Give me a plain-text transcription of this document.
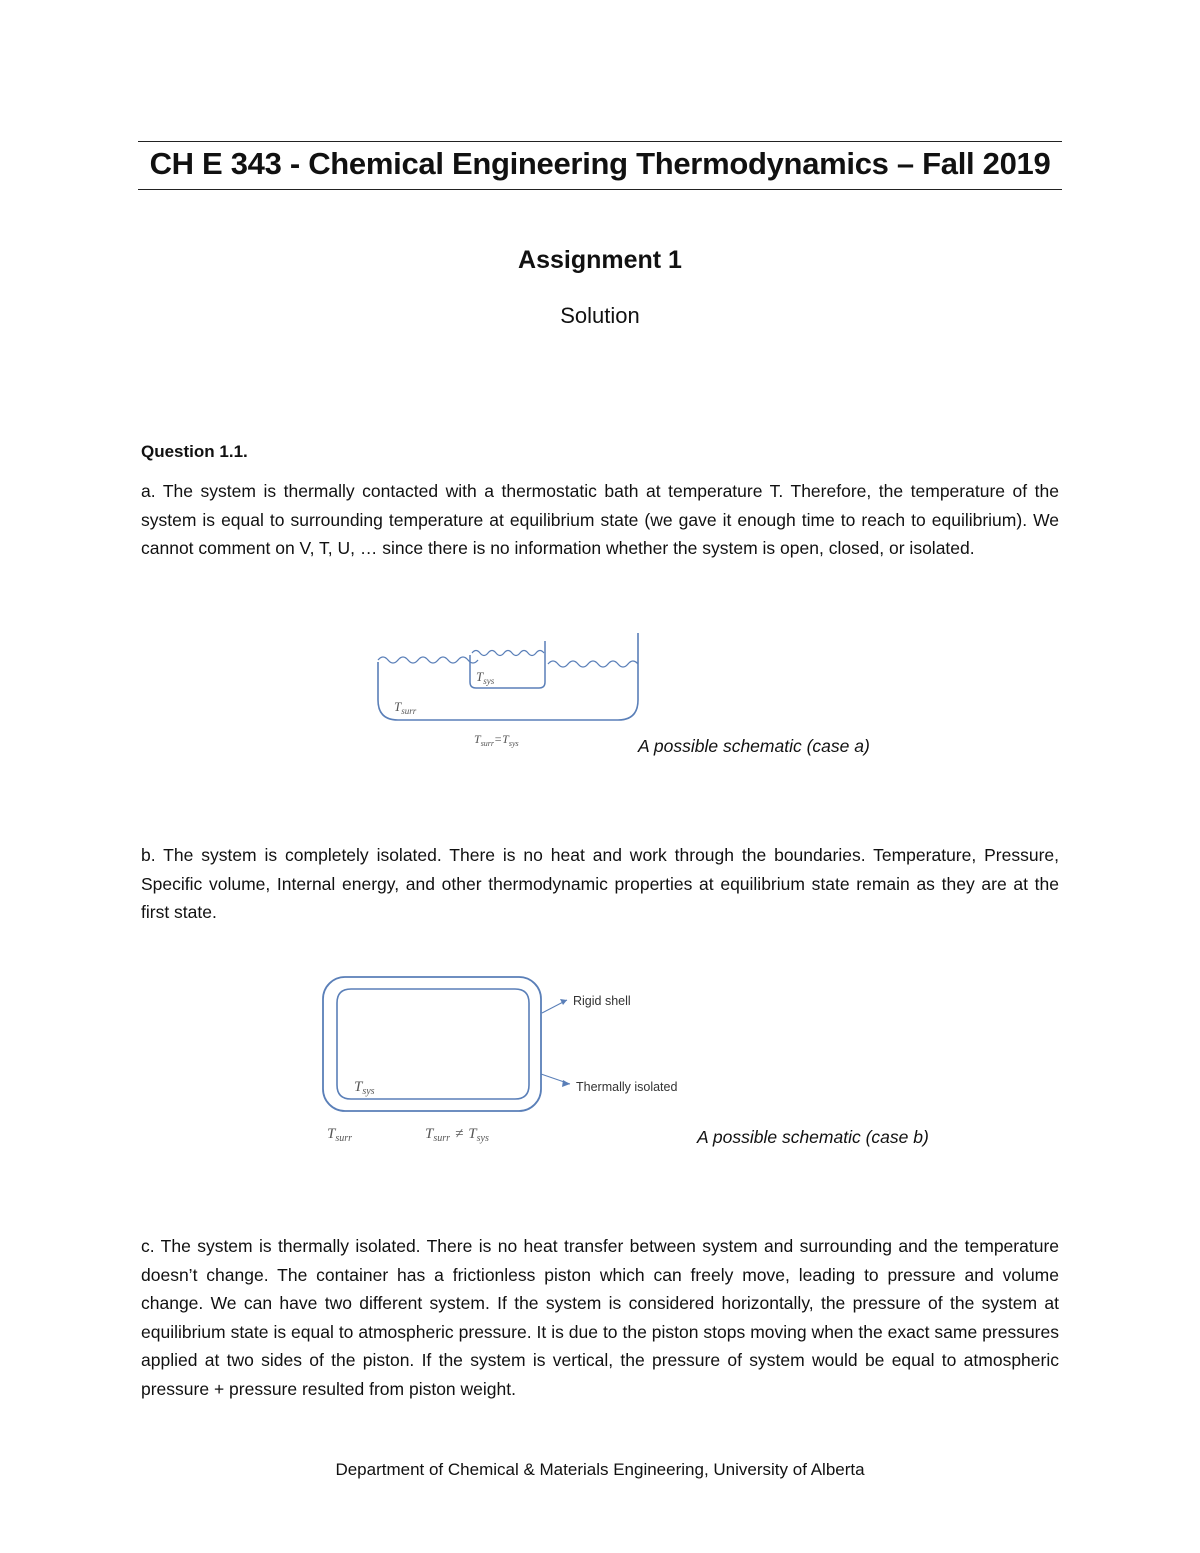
CH E 343 - Chemical Engineering Thermodynamics – Fall 2019
Assignment 1

Solution

Question 1.1.

a. The system is thermally contacted with a thermostatic bath at temperature T. Therefore, the temperature of the system is equal to surrounding temperature at equilibrium state (we gave it enough time to reach to equilibrium). We cannot comment on V, T, U, … since there is no information whether the system is open, closed, or isolated.

$T_{sys}$
$T_{surr}$
$T_{surr}=T_{sys}$	A possible schematic (case a)

b. The system is completely isolated. There is no heat and work through the boundaries. Temperature, Pressure, Specific volume, Internal energy, and other thermodynamic properties at equilibrium state remain as they are at the first state.

Rigid shell
Thermally isolated
$T_{sys}$
$T_{surr}$	$T_{surr} \ne T_{sys}$	A possible schematic (case b)

c. The system is thermally isolated. There is no heat transfer between system and surrounding and the temperature doesn’t change. The container has a frictionless piston which can freely move, leading to pressure and volume change. We can have two different system. If the system is considered horizontally, the pressure of the system at equilibrium state is equal to atmospheric pressure. It is due to the piston stops moving when the exact same pressures applied at two sides of the piston. If the system is vertical, the pressure of system would be equal to atmospheric pressure + pressure resulted from piston weight.

Department of Chemical & Materials Engineering, University of Alberta
